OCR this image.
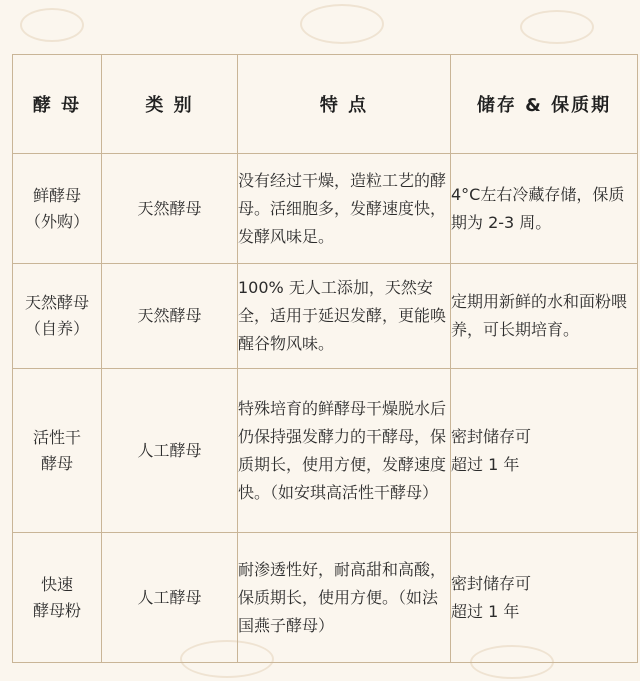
酵 母	类 别	特 点	储存 & 保质期

鲜酵母
（外购）	天然酵母	没有经过干燥，造粒工艺的酵母。活细胞多，发酵速度快，发酵风味足。	4°C左右冷藏存储，保质期为 2-3 周。

天然酵母
（自养）	天然酵母	100% 无人工添加，天然安全，适用于延迟发酵，更能唤醒谷物风味。	定期用新鲜的水和面粉喂养，可长期培育。

活性干
酵母	人工酵母	特殊培育的鲜酵母干燥脱水后仍保持强发酵力的干酵母，保质期长，使用方便，发酵速度快。（如安琪高活性干酵母）	密封储存可
超过 1 年

快速
酵母粉	人工酵母	耐渗透性好，耐高甜和高酸，保质期长，使用方便。（如法国燕子酵母）	密封储存可
超过 1 年
